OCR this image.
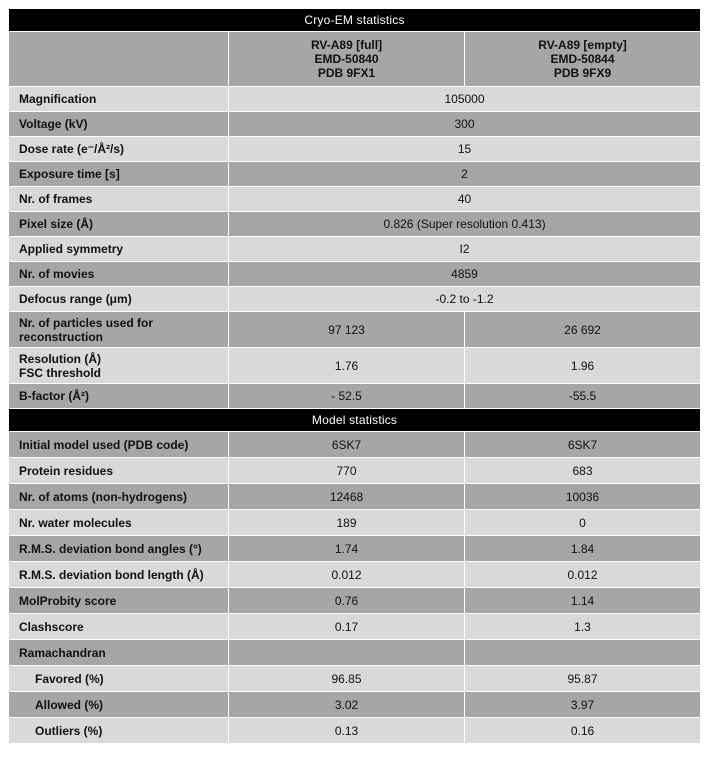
Cryo-EM statistics		

	RV-A89 [full]
EMD-50840
PDB 9FX1	RV-A89 [empty]
EMD-50844
PDB 9FX9

Magnification	105000	
Voltage (kV)	300	
Dose rate (e⁻/Å²/s)	15	
Exposure time [s]	2	
Nr. of frames	40	
Pixel size (Å)	0.826 (Super resolution 0.413)	
Applied symmetry	I2	
Nr. of movies	4859	
Defocus range (μm)	-0.2 to -1.2	

Nr. of particles used for
reconstruction	97 123	26 692

Resolution (Å)
FSC threshold	1.76	1.96
B-factor (Å²)	- 52.5	-55.5
Model statistics		
Initial model used (PDB code)	6SK7	6SK7
Protein residues	770	683
Nr. of atoms (non-hydrogens)	12468	10036
Nr. water molecules	189	0
R.M.S. deviation bond angles (°)	1.74	1.84
R.M.S. deviation bond length (Å)	0.012	0.012
MolProbity score	0.76	1.14
Clashscore	0.17	1.3
Ramachandran		
Favored (%)	96.85	95.87
Allowed (%)	3.02	3.97
Outliers (%)	0.13	0.16
